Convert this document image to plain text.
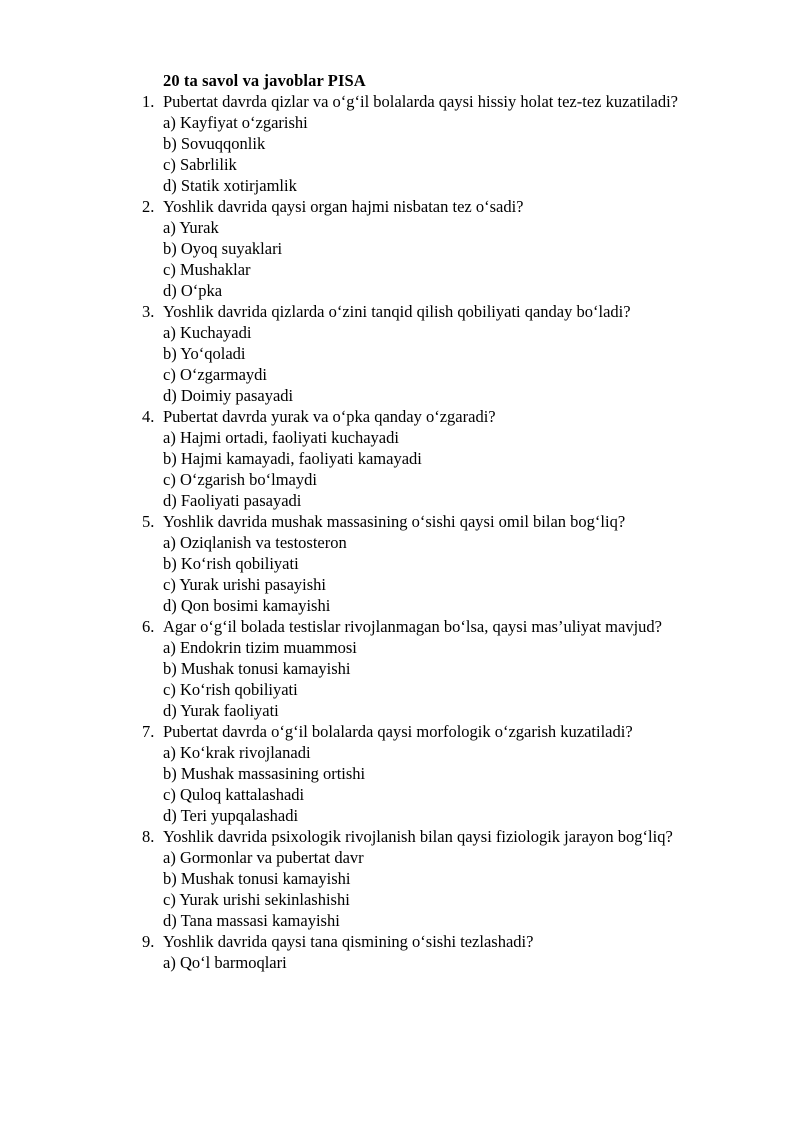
20 ta savol va javoblar PISA
1. Pubertat davrda qizlar va o‘g‘il bolalarda qaysi hissiy holat tez-tez kuzatiladi?
a) Kayfiyat o‘zgarishi
b) Sovuqqonlik
c) Sabrlilik
d) Statik xotirjamlik
2. Yoshlik davrida qaysi organ hajmi nisbatan tez o‘sadi?
a) Yurak
b) Oyoq suyaklari
c) Mushaklar
d) O‘pka
3. Yoshlik davrida qizlarda o‘zini tanqid qilish qobiliyati qanday bo‘ladi?
a) Kuchayadi
b) Yo‘qoladi
c) O‘zgarmaydi
d) Doimiy pasayadi
4. Pubertat davrda yurak va o‘pka qanday o‘zgaradi?
a) Hajmi ortadi, faoliyati kuchayadi
b) Hajmi kamayadi, faoliyati kamayadi
c) O‘zgarish bo‘lmaydi
d) Faoliyati pasayadi
5. Yoshlik davrida mushak massasining o‘sishi qaysi omil bilan bog‘liq?
a) Oziqlanish va testosteron
b) Ko‘rish qobiliyati
c) Yurak urishi pasayishi
d) Qon bosimi kamayishi
6. Agar o‘g‘il bolada testislar rivojlanmagan bo‘lsa, qaysi mas’uliyat mavjud?
a) Endokrin tizim muammosi
b) Mushak tonusi kamayishi
c) Ko‘rish qobiliyati
d) Yurak faoliyati
7. Pubertat davrda o‘g‘il bolalarda qaysi morfologik o‘zgarish kuzatiladi?
a) Ko‘krak rivojlanadi
b) Mushak massasining ortishi
c) Quloq kattalashadi
d) Teri yupqalashadi
8. Yoshlik davrida psixologik rivojlanish bilan qaysi fiziologik jarayon bog‘liq?
a) Gormonlar va pubertat davr
b) Mushak tonusi kamayishi
c) Yurak urishi sekinlashishi
d) Tana massasi kamayishi
9. Yoshlik davrida qaysi tana qismining o‘sishi tezlashadi?
a) Qo‘l barmoqlari
